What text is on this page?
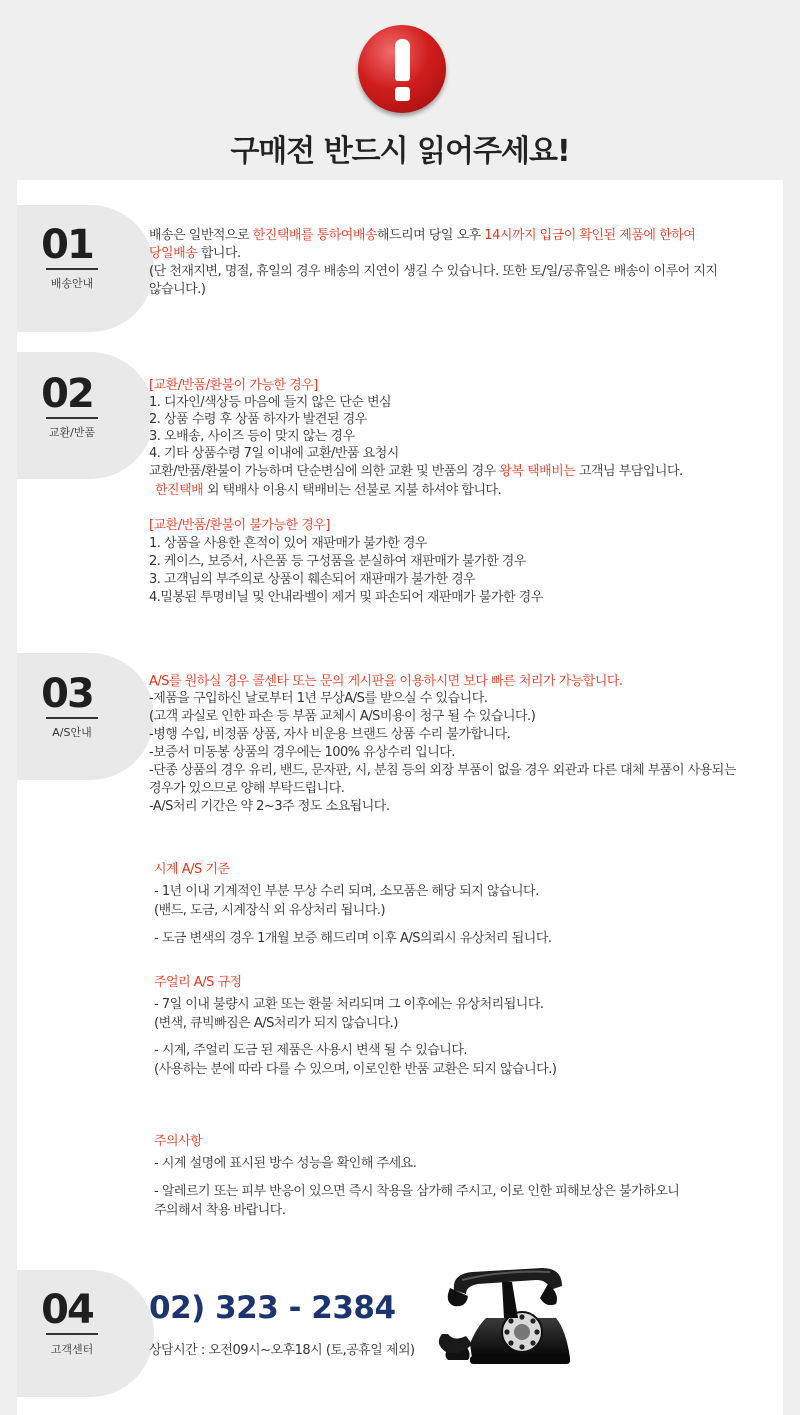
구매전 반드시 읽어주세요!
01
배송안내
배송은 일반적으로 한진택배를 통하여배송해드리며 당일 오후 14시까지 입금이 확인된 제품에 한하여
당일배송 합니다.
(단 천재지변, 명절, 휴일의 경우 배송의 지연이 생길 수 있습니다. 또한 토/일/공휴일은 배송이 이루어 지지
않습니다.)
02
교환/반품
[교환/반품/환불이 가능한 경우]
1. 디자인/색상등 마음에 들지 않은 단순 변심
2. 상품 수령 후 상품 하자가 발견된 경우
3. 오배송, 사이즈 등이 맞지 않는 경우
4. 기타 상품수령 7일 이내에 교환/반품 요청시
교환/반품/환불이 가능하며 단순변심에 의한 교환 및 반품의 경우 왕복 택배비는 고객님 부담입니다.
한진택배 외 택배사 이용시 택배비는 선불로 지불 하셔야 합니다.
[교환/반품/환불이 불가능한 경우]
1. 상품을 사용한 흔적이 있어 재판매가 불가한 경우
2. 케이스, 보증서, 사은품 등 구성품을 분실하여 재판매가 불가한 경우
3. 고객님의 부주의로 상품이 훼손되어 재판매가 불가한 경우
4.밀봉된 투명비닐 및 안내라벨이 제거 및 파손되어 재판매가 불가한 경우
03
A/S안내
A/S를 원하실 경우 콜센타 또는 문의 게시판을 이용하시면 보다 빠른 처리가 가능합니다.
-제품을 구입하신 날로부터 1년 무상A/S를 받으실 수 있습니다.
(고객 과실로 인한 파손 등 부품 교체시 A/S비용이 청구 될 수 있습니다.)
-병행 수입, 비정품 상품, 자사 비운용 브랜드 상품 수리 불가합니다.
-보증서 미동봉 상품의 경우에는 100% 유상수리 입니다.
-단종 상품의 경우 유리, 밴드, 문자판, 시, 분침 등의 외장 부품이 없을 경우 외관과 다른 대체 부품이 사용되는
경우가 있으므로 양해 부탁드립니다.
-A/S처리 기간은 약 2~3주 정도 소요됩니다.
시계 A/S 기준
- 1년 이내 기계적인 부분 무상 수리 되며, 소모품은 해당 되지 않습니다.
(밴드, 도금, 시계장식 외 유상처리 됩니다.)
- 도금 변색의 경우 1개월 보증 해드리며 이후 A/S의뢰시 유상처리 됩니다.
주얼리 A/S 규정
- 7일 이내 불량시 교환 또는 환불 처리되며 그 이후에는 유상처리됩니다.
(변색, 큐빅빠짐은 A/S처리가 되지 않습니다.)
- 시계, 주얼리 도금 된 제품은 사용시 변색 될 수 있습니다.
(사용하는 분에 따라 다를 수 있으며, 이로인한 반품 교환은 되지 않습니다.)
주의사항
- 시계 설명에 표시된 방수 성능을 확인해 주세요.
- 알레르기 또는 피부 반응이 있으면 즉시 착용을 삼가해 주시고, 이로 인한 피해보상은 불가하오니
주의해서 착용 바랍니다.
04
고객센터
02) 323 - 2384
상담시간 : 오전09시~오후18시 (토,공휴일 제외)
